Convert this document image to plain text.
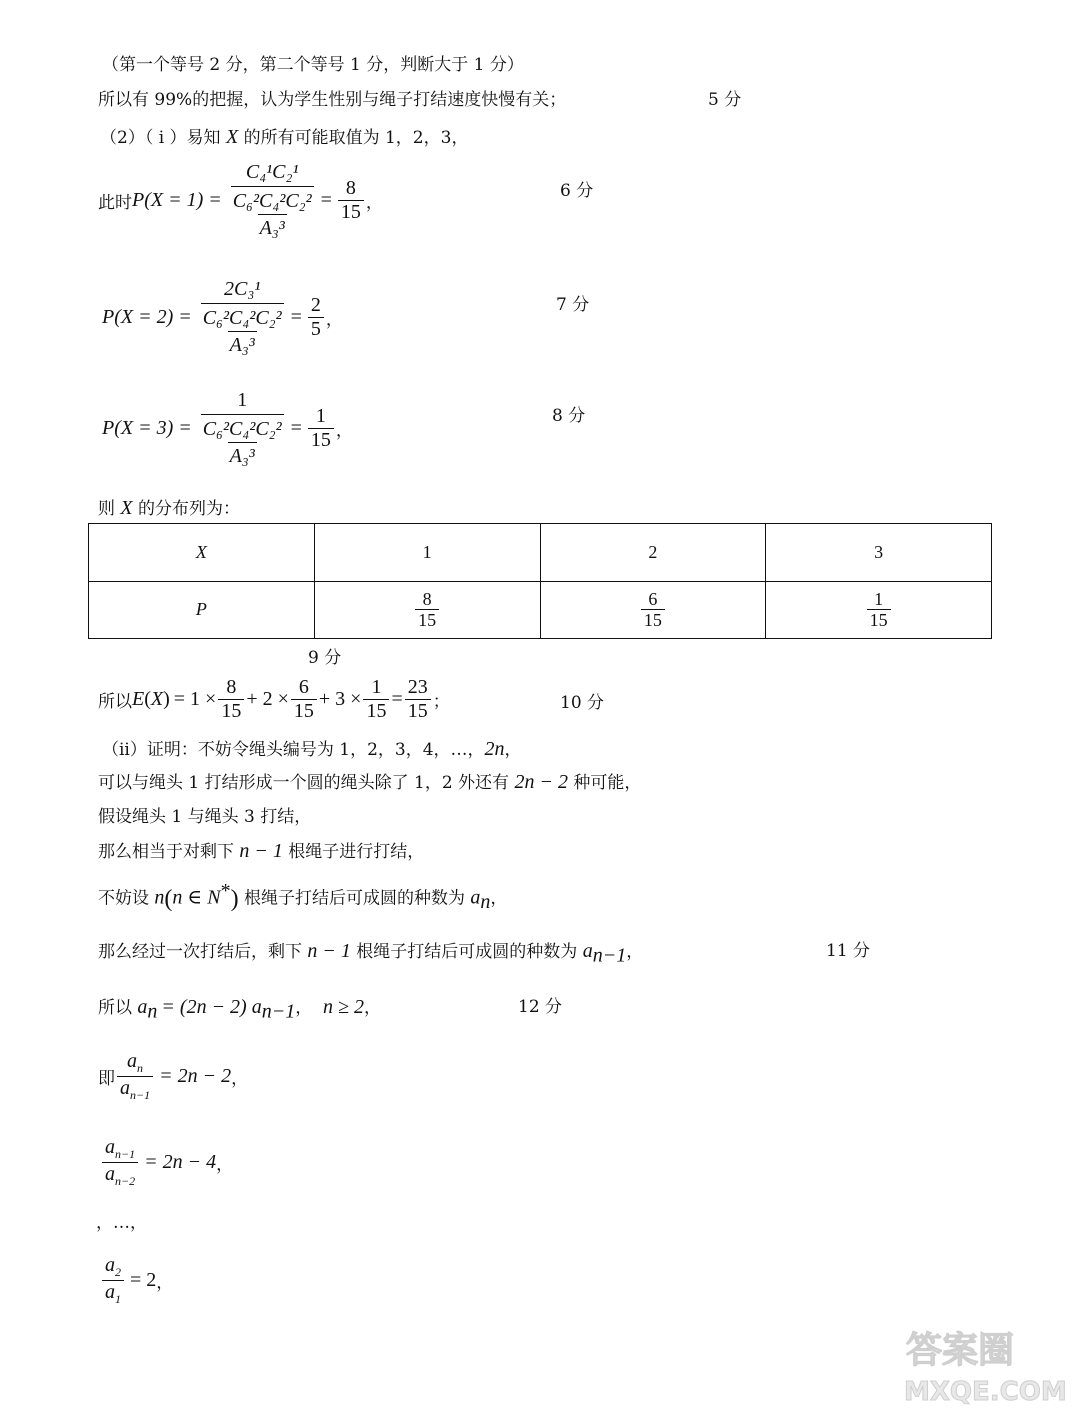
（第一个等号 2 分，第二个等号 1 分，判断大于 1 分）
所以有 99%的把握，认为学生性别与绳子打结速度快慢有关；	5 分
（2）（ i ）易知 X 的所有可能取值为 1，2，3，
此时 $P(X = 1) = \frac{\text{C₄¹C₂¹}}{\frac{\text{C₆²C₄²C₂²}}{\text{A₃³}}} = \frac{8}{15}$ ，
6 分
$P(X = 2) = \frac{\text{2C₃¹}}{\frac{\text{C₆²C₄²C₂²}}{\text{A₃³}}} = \frac{2}{5}$ ，
7 分
$P(X = 3) = \frac{1}{\frac{\text{C₆²C₄²C₂²}}{\text{A₃³}}} = \frac{1}{15}$ ，
8 分
则 X 的分布列为：
X	1	2	3
P	$\frac{8}{15}$	$\frac{6}{15}$	$\frac{1}{15}$
9 分
所以 E ( X ) = $1 \times \frac{8}{15} + 2 \times \frac{6}{15} + 3 \times \frac{1}{15} = \frac{23}{15}$ ；	10 分
（ii）证明：不妨令绳头编号为 1，2，3，4，…，2n，
可以与绳头 1 打结形成一个圆的绳头除了 1，2 外还有 2n − 2 种可能，
假设绳头 1 与绳头 3 打结，
那么相当于对剩下 n − 1 根绳子进行打结，
不妨设 n(n ∈ N*) 根绳子打结后可成圆的种数为 $a_n$，
那么经过一次打结后，剩下 n − 1 根绳子打结后可成圆的种数为 $a_{n-1}$，	11 分
所以 $a_n = (2n - 2)$ $a_{n-1}$，  n ≥ 2，	12 分
即 $\frac{a_n}{a_{n-1}} = 2n - 2$ ，
$\frac{a_{n-1}}{a_{n-2}} = 2n - 4$ ，
，…，
$\frac{a_2}{a_1} = 2$ ，
答案圈
MXQE.COM
